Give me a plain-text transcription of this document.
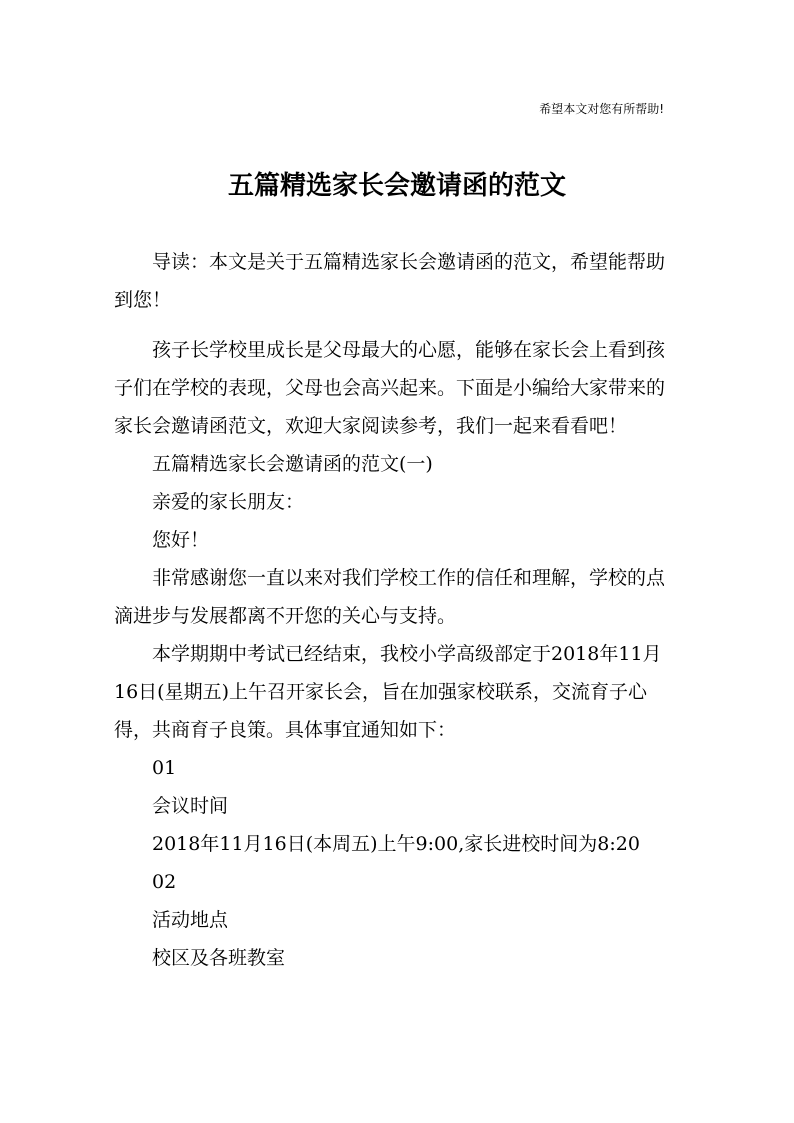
希望本文对您有所帮助!
五篇精选家长会邀请函的范文

导读：本文是关于五篇精选家长会邀请函的范文，希望能帮助到您！

孩子长学校里成长是父母最大的心愿，能够在家长会上看到孩子们在学校的表现，父母也会高兴起来。下面是小编给大家带来的家长会邀请函范文，欢迎大家阅读参考，我们一起来看看吧！

五篇精选家长会邀请函的范文(一)

亲爱的家长朋友：

您好！

非常感谢您一直以来对我们学校工作的信任和理解，学校的点滴进步与发展都离不开您的关心与支持。

本学期期中考试已经结束，我校小学高级部定于2018年11月16日(星期五)上午召开家长会，旨在加强家校联系，交流育子心得，共商育子良策。具体事宜通知如下：

01

会议时间

2018年11月16日(本周五)上午9:00,家长进校时间为8:20

02

活动地点

校区及各班教室
